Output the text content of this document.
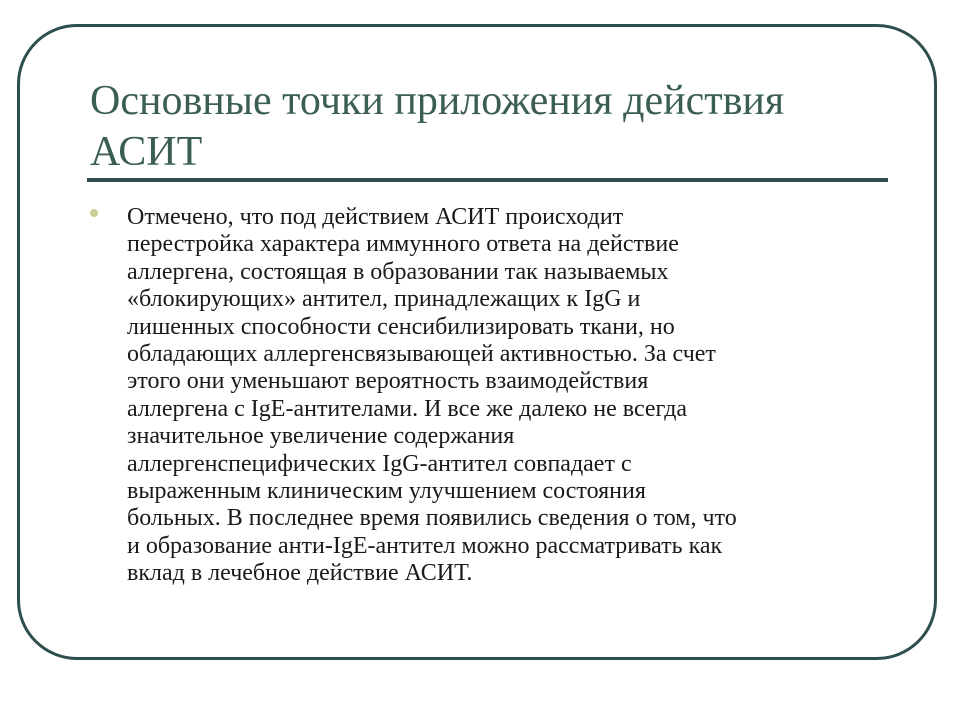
Основные точки приложения действия АСИТ

Отмечено, что под действием АСИТ происходит
перестройка характера иммунного ответа на действие
аллергена, состоящая в образовании так называемых
«блокирующих» антител, принадлежащих к IgG и
лишенных способности сенсибилизировать ткани, но
обладающих аллергенсвязывающей активностью. За счет
этого они уменьшают вероятность взаимодействия
аллергена с IgE-антителами. И все же далеко не всегда
значительное увеличение содержания
аллергенспецифических IgG-антител совпадает с
выраженным клиническим улучшением состояния
больных. В последнее время появились сведения о том, что
и образование анти-IgE-антител можно рассматривать как
вклад в лечебное действие АСИТ.
